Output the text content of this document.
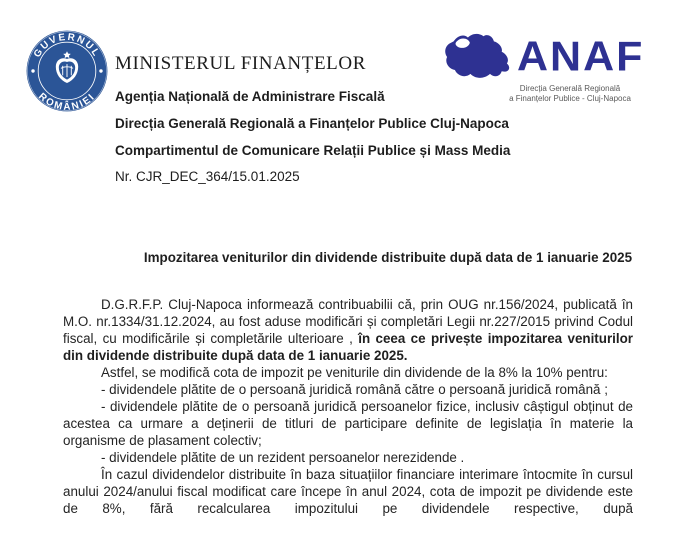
GUVERNUL
ROMÂNIEI
MINISTERUL FINANȚELOR
Agenția Națională de Administrare Fiscală
Direcția Generală Regională a Finanțelor Publice Cluj-Napoca
Compartimentul de Comunicare Relații Publice și Mass Media
Nr. CJR_DEC_364/15.01.2025
ANAF
Direcția Generală Regională
a Finanțelor Publice - Cluj-Napoca
Impozitarea veniturilor din dividende distribuite după data de 1 ianuarie 2025

D.G.R.F.P. Cluj-Napoca informează contribuabilii că, prin OUG nr.156/2024, publicată în M.O. nr.1334/31.12.2024, au fost aduse modificări și completări Legii nr.227/2015 privind Codul fiscal, cu modificările și completările ulterioare , în ceea ce privește impozitarea veniturilor din dividende distribuite după data de 1 ianuarie 2025.

Astfel, se modifică cota de impozit pe veniturile din dividende de la 8% la 10% pentru:

- dividendele plătite de o persoană juridică română către o persoană juridică română ;

- dividendele plătite de o persoană juridică persoanelor fizice, inclusiv câștigul obținut de acestea ca urmare a deținerii de titluri de participare definite de legislația în materie la organisme de plasament colectiv;

- dividendele plătite de un rezident persoanelor nerezidende .

În cazul dividendelor distribuite în baza situațiilor financiare interimare întocmite în cursul anului 2024/anului fiscal modificat care începe în anul 2024, cota de impozit pe dividende este de 8%, fără recalcularea impozitului pe dividendele respective, după
